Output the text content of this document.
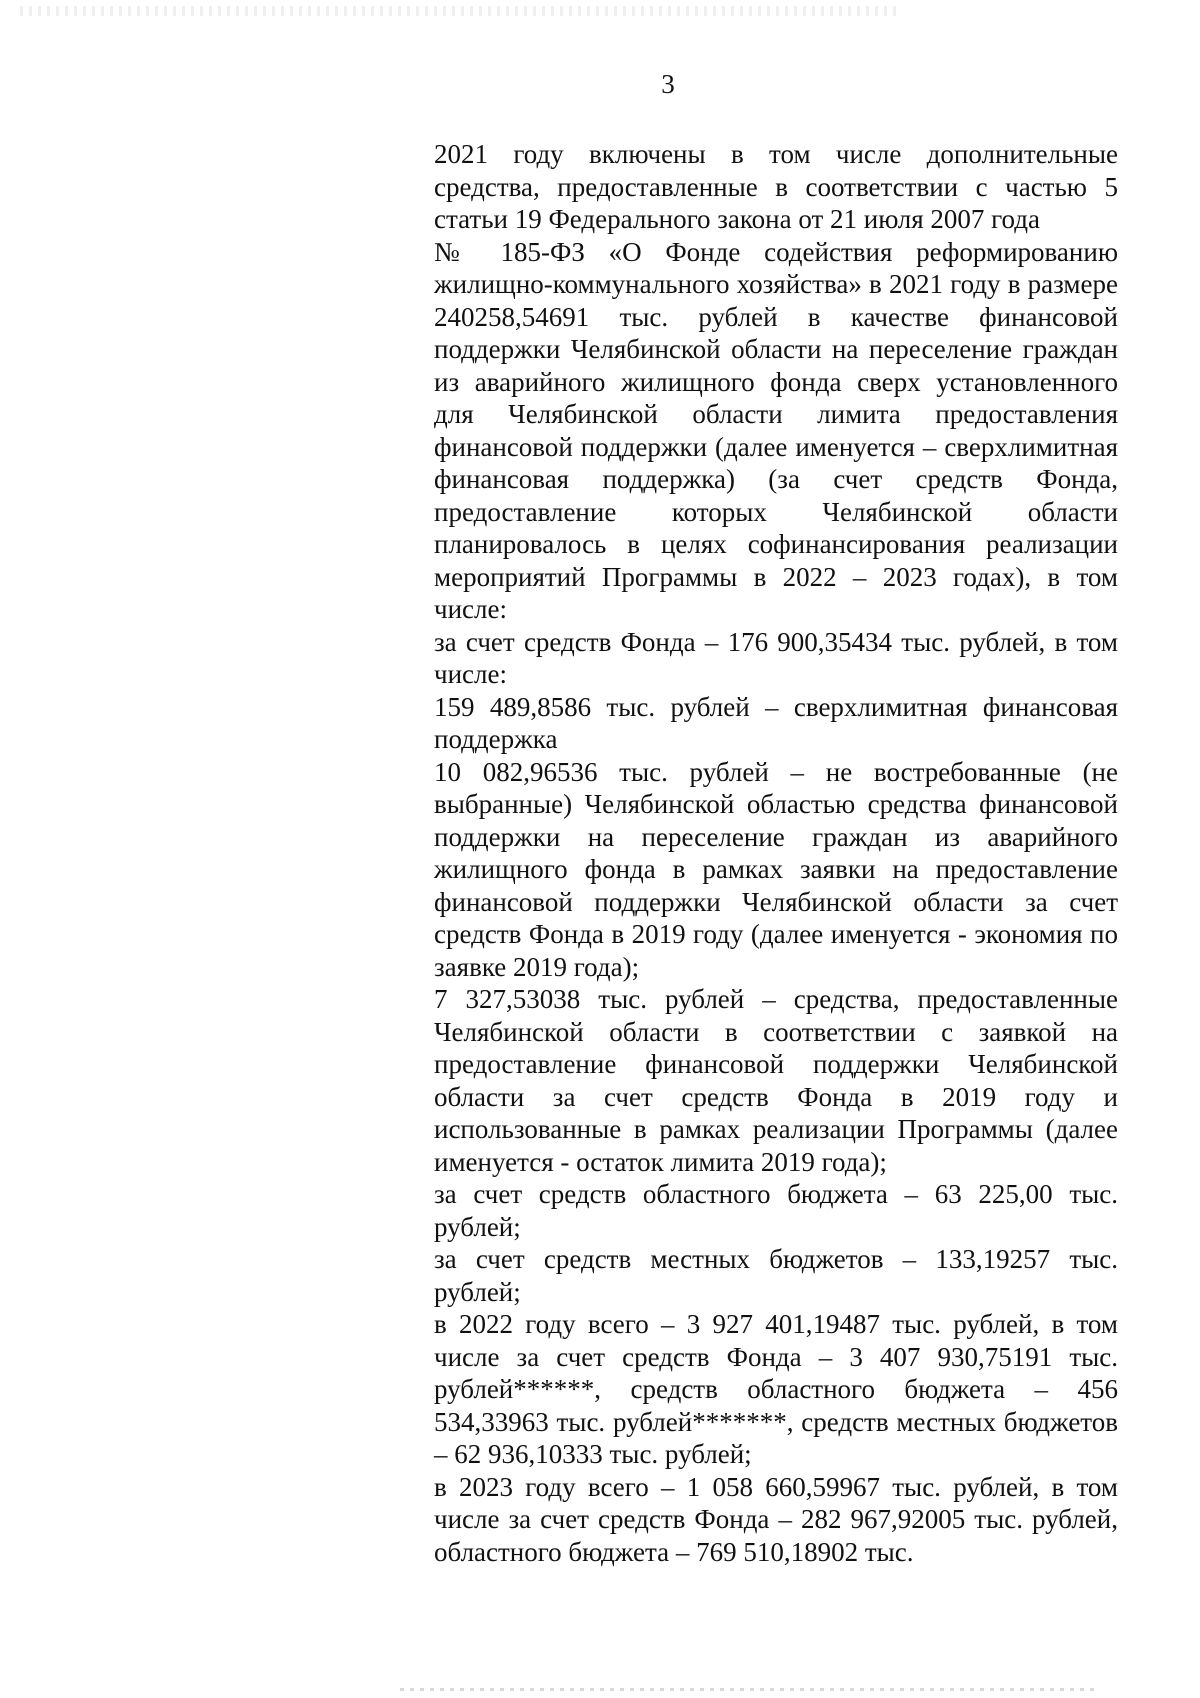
3

2021 году включены в том числе дополнительные средства, предоставленные в соответствии с частью 5 статьи 19 Федерального закона от 21 июля 2007 года

№ 185-ФЗ «О Фонде содействия реформированию жилищно-коммунального хозяйства» в 2021 году в размере 240258,54691 тыс. рублей в качестве финансовой поддержки Челябинской области на переселение граждан из аварийного жилищного фонда сверх установленного для Челябинской области лимита предоставления финансовой поддержки (далее именуется – сверхлимитная финансовая поддержка) (за счет средств Фонда, предоставление которых Челябинской области планировалось в целях софинансирования реализации мероприятий Программы в 2022 – 2023 годах), в том числе:

за счет средств Фонда – 176 900,35434 тыс. рублей, в том числе:

159 489,8586 тыс. рублей – сверхлимитная финансовая поддержка

10 082,96536 тыс. рублей – не востребованные (не выбранные) Челябинской областью средства финансовой поддержки на переселение граждан из аварийного жилищного фонда в рамках заявки на предоставление финансовой поддержки Челябинской области за счет средств Фонда в 2019 году (далее именуется - экономия по заявке 2019 года);

7 327,53038 тыс. рублей – средства, предоставленные Челябинской области в соответствии с заявкой на предоставление финансовой поддержки Челябинской области за счет средств Фонда в 2019 году и использованные в рамках реализации Программы (далее именуется - остаток лимита 2019 года);

за счет средств областного бюджета – 63 225,00 тыс. рублей;

за счет средств местных бюджетов – 133,19257 тыс. рублей;

в 2022 году всего – 3 927 401,19487 тыс. рублей, в том числе за счет средств Фонда – 3 407 930,75191 тыс. рублей******, средств областного бюджета – 456 534,33963 тыс. рублей*******, средств местных бюджетов – 62 936,10333 тыс. рублей;

в 2023 году всего – 1 058 660,59967 тыс. рублей, в том числе за счет средств Фонда – 282 967,92005 тыс. рублей, областного бюджета – 769 510,18902 тыс.
